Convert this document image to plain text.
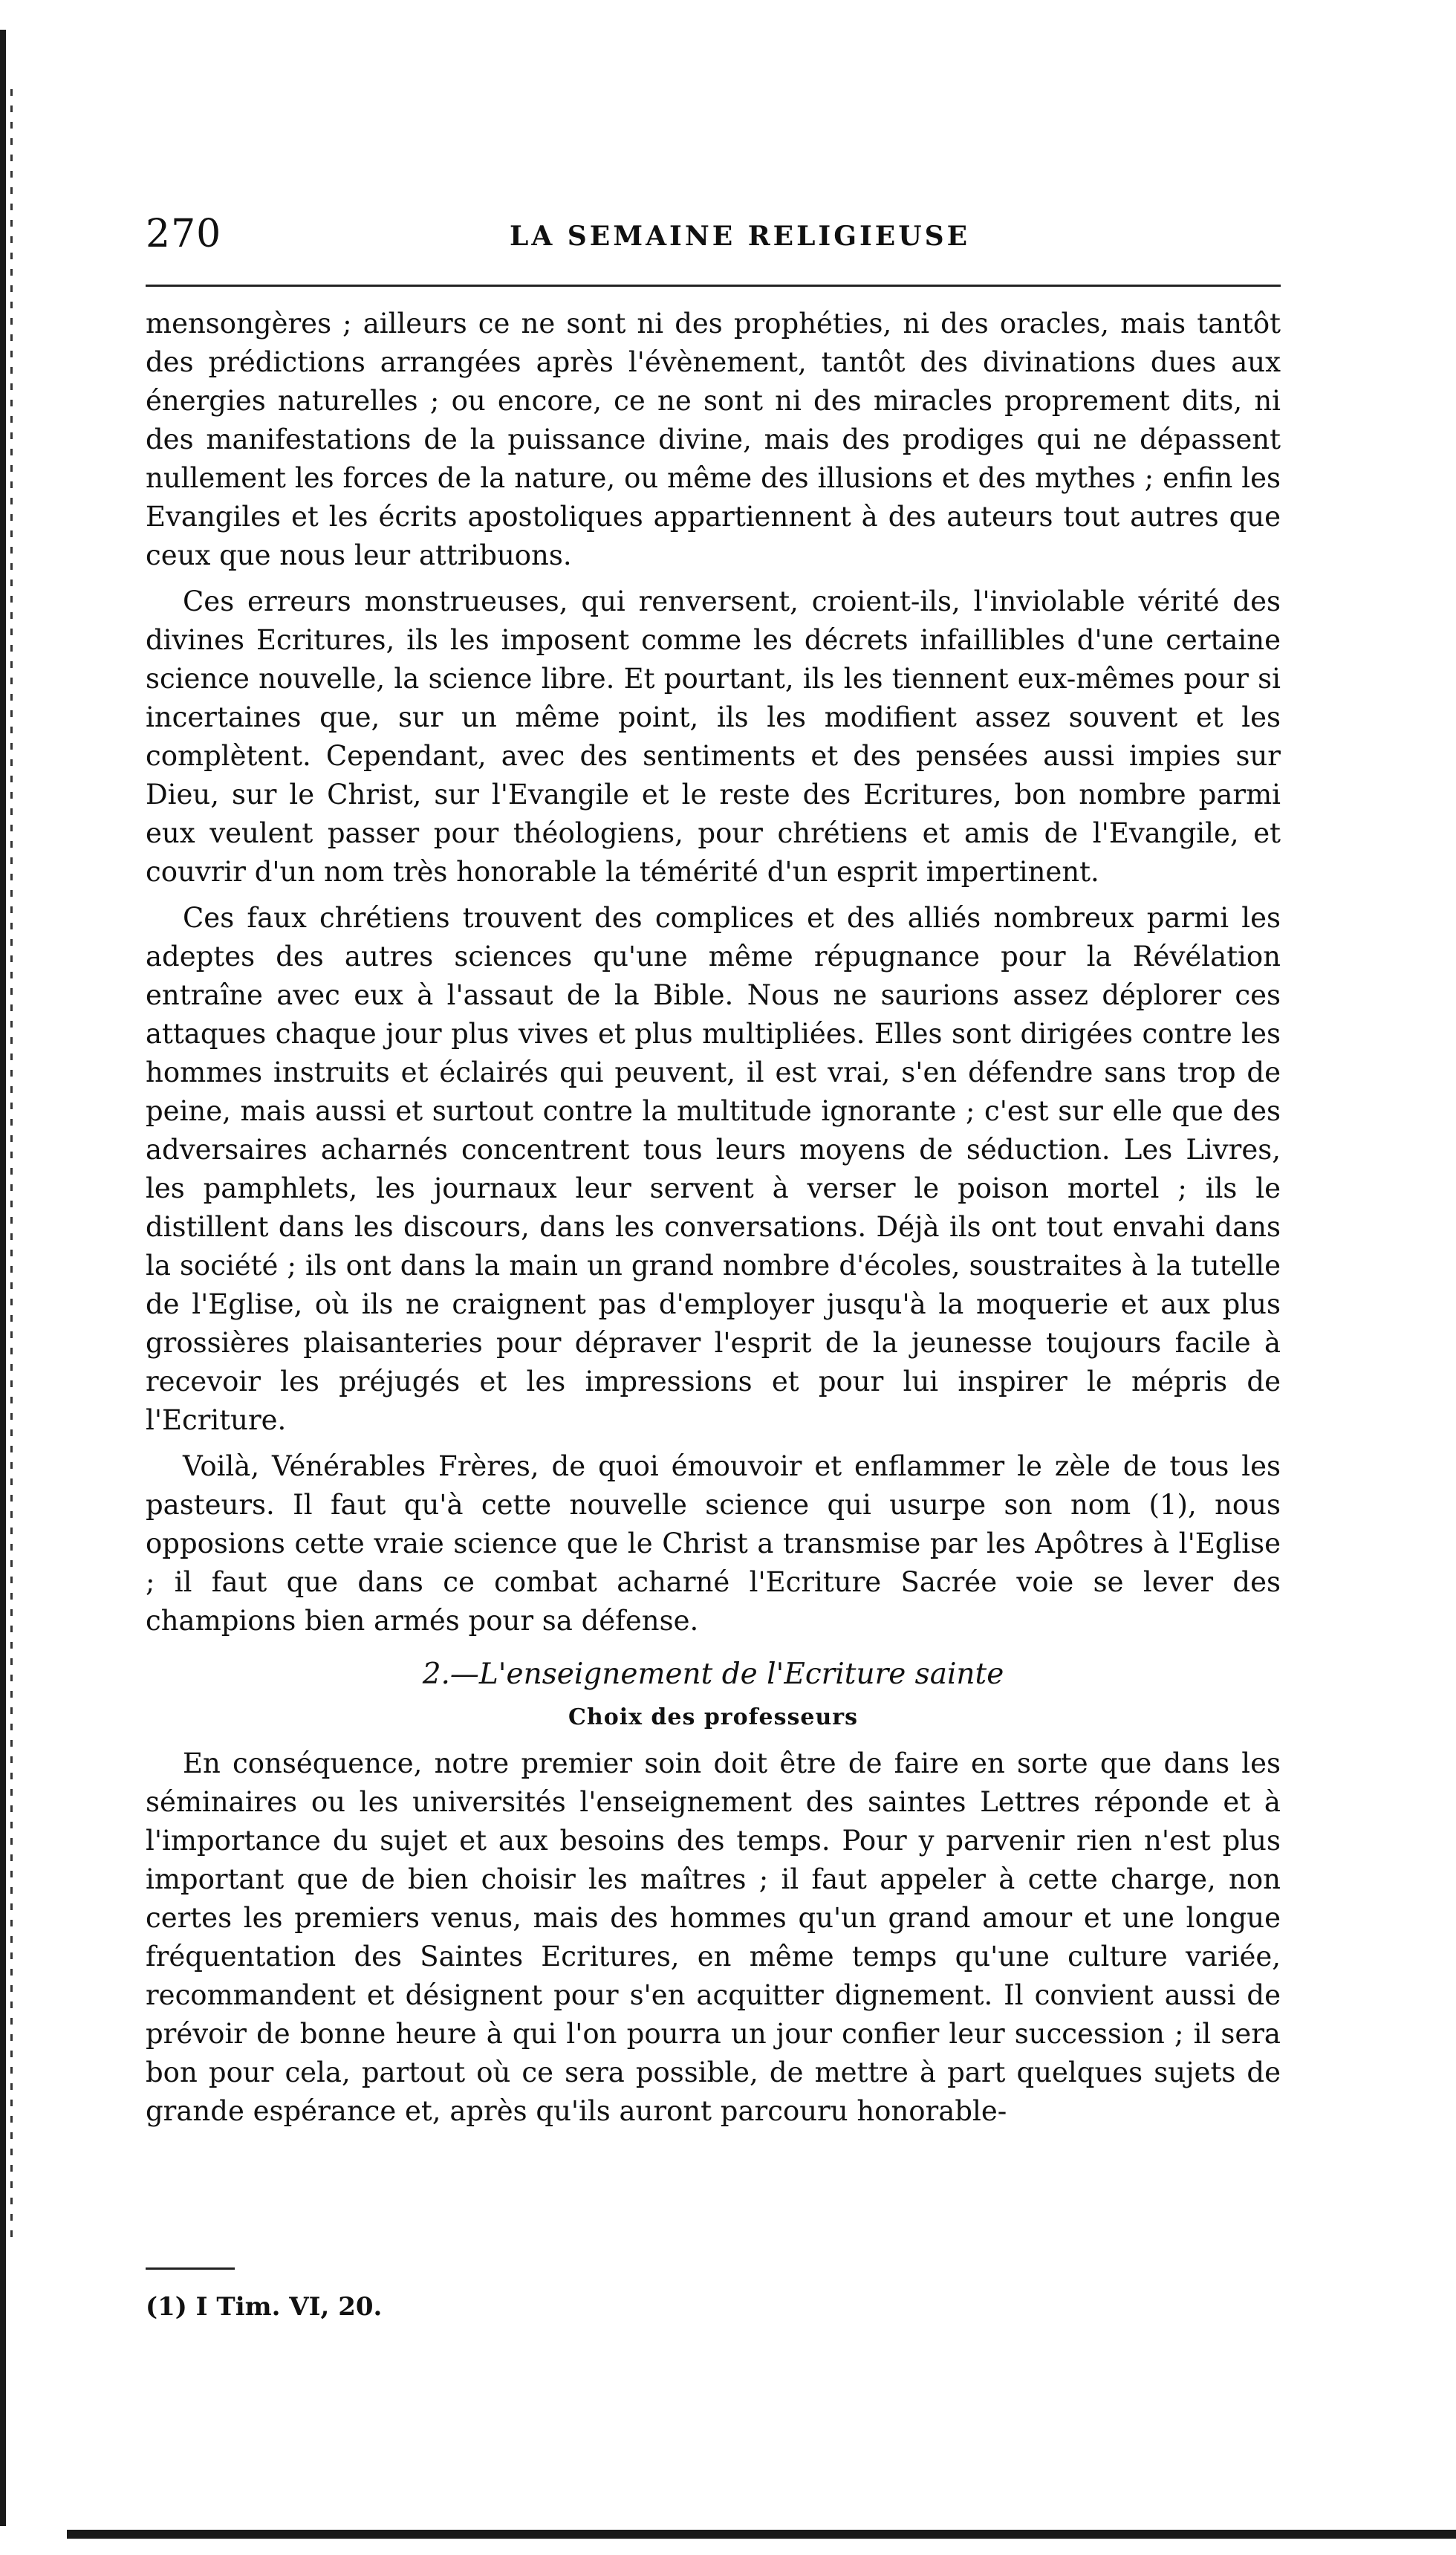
270	LA SEMAINE RELIGIEUSE

mensongères ; ailleurs ce ne sont ni des prophéties, ni des oracles, mais tantôt des prédictions arrangées après l'évènement, tantôt des divinations dues aux énergies naturelles ; ou encore, ce ne sont ni des miracles proprement dits, ni des manifestations de la puissance divine, mais des prodiges qui ne dépassent nullement les forces de la nature, ou même des illusions et des mythes ; enfin les Evangiles et les écrits apostoliques appartiennent à des auteurs tout autres que ceux que nous leur attribuons.

Ces erreurs monstrueuses, qui renversent, croient-ils, l'inviolable vérité des divines Ecritures, ils les imposent comme les décrets infaillibles d'une certaine science nouvelle, la science libre. Et pourtant, ils les tiennent eux-mêmes pour si incertaines que, sur un même point, ils les modifient assez souvent et les complètent. Cependant, avec des sentiments et des pensées aussi impies sur Dieu, sur le Christ, sur l'Evangile et le reste des Ecritures, bon nombre parmi eux veulent passer pour théologiens, pour chrétiens et amis de l'Evangile, et couvrir d'un nom très honorable la témérité d'un esprit impertinent.

Ces faux chrétiens trouvent des complices et des alliés nombreux parmi les adeptes des autres sciences qu'une même répugnance pour la Révélation entraîne avec eux à l'assaut de la Bible. Nous ne saurions assez déplorer ces attaques chaque jour plus vives et plus multipliées. Elles sont dirigées contre les hommes instruits et éclairés qui peuvent, il est vrai, s'en défendre sans trop de peine, mais aussi et surtout contre la multitude ignorante ; c'est sur elle que des adversaires acharnés concentrent tous leurs moyens de séduction. Les Livres, les pamphlets, les journaux leur servent à verser le poison mortel ; ils le distillent dans les discours, dans les conversations. Déjà ils ont tout envahi dans la société ; ils ont dans la main un grand nombre d'écoles, soustraites à la tutelle de l'Eglise, où ils ne craignent pas d'employer jusqu'à la moquerie et aux plus grossières plaisanteries pour dépraver l'esprit de la jeunesse toujours facile à recevoir les préjugés et les impressions et pour lui inspirer le mépris de l'Ecriture.

Voilà, Vénérables Frères, de quoi émouvoir et enflammer le zèle de tous les pasteurs. Il faut qu'à cette nouvelle science qui usurpe son nom (1), nous opposions cette vraie science que le Christ a transmise par les Apôtres à l'Eglise ; il faut que dans ce combat acharné l'Ecriture Sacrée voie se lever des champions bien armés pour sa défense.

2.—L'enseignement de l'Ecriture sainte
Choix des professeurs

En conséquence, notre premier soin doit être de faire en sorte que dans les séminaires ou les universités l'enseignement des saintes Lettres réponde et à l'importance du sujet et aux besoins des temps. Pour y parvenir rien n'est plus important que de bien choisir les maîtres ; il faut appeler à cette charge, non certes les premiers venus, mais des hommes qu'un grand amour et une longue fréquentation des Saintes Ecritures, en même temps qu'une culture variée, recommandent et désignent pour s'en acquitter dignement. Il convient aussi de prévoir de bonne heure à qui l'on pourra un jour confier leur succession ; il sera bon pour cela, partout où ce sera possible, de mettre à part quelques sujets de grande espérance et, après qu'ils auront parcouru honorable-

(1) I Tim. VI, 20.
